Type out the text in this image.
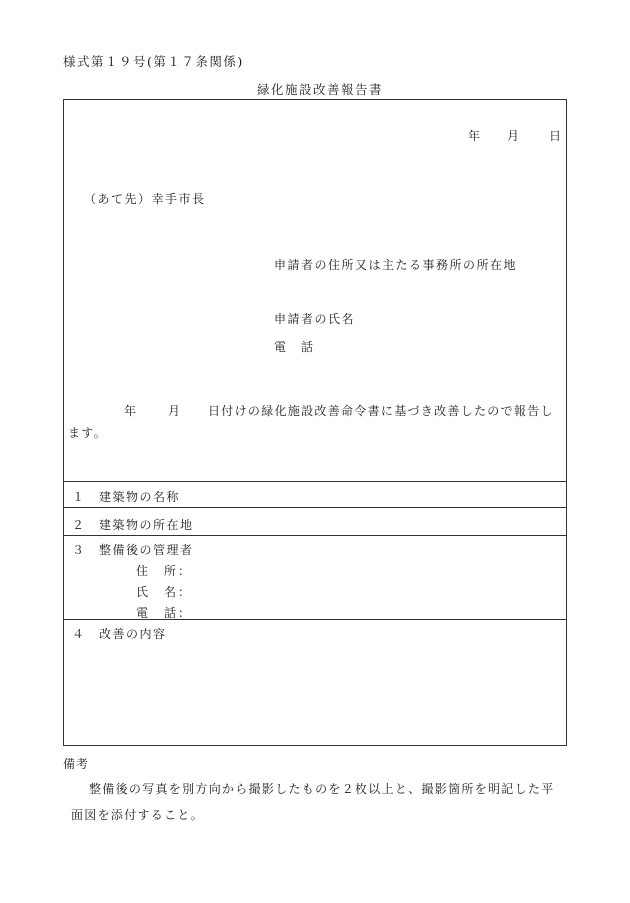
様式第１９号(第１７条関係)
緑化施設改善報告書
年 月 日
（あて先）幸手市長
申請者の住所又は主たる事務所の所在地
申請者の氏名
電　話
年	月 日付けの緑化施設改善命令書に基づき改善したので報告し
ます。
１　建築物の名称
２　建築物の所在地
３　整備後の管理者
住　所：
氏　名：
電　話：
４　改善の内容
備考
整備後の写真を別方向から撮影したものを２枚以上と、撮影箇所を明記した平
面図を添付すること。
